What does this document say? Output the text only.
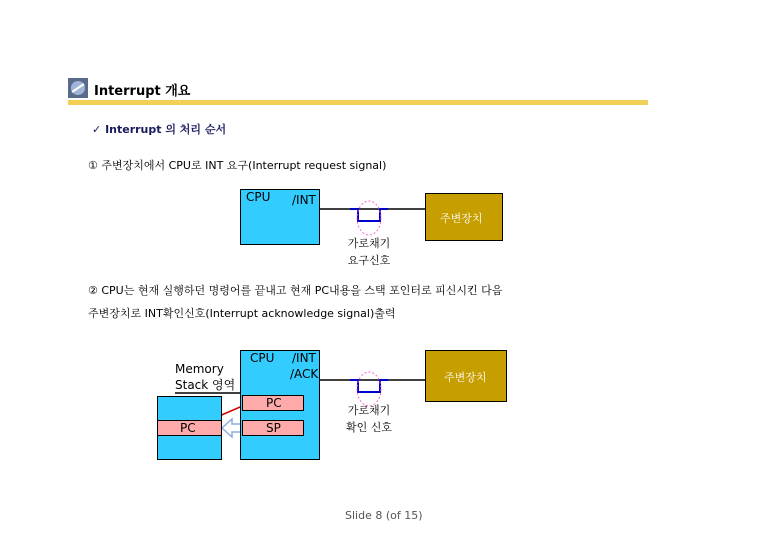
Interrupt 개요
✓ Interrupt 의 처리 순서
① 주변장치에서 CPU로 INT 요구(Interrupt request signal)
CPU /INT
주변장치
가로채기
요구신호
② CPU는 현재 실행하던 명령어를 끝내고 현재 PC내용을 스택 포인터로 피신시킨 다음
주변장치로 INT확인신호(Interrupt acknowledge signal)출력
Memory
Stack 영역
PC
CPU /INT
/ACK
PC
SP
주변장치
가로채기
확인 신호
Slide 8 (of 15)
